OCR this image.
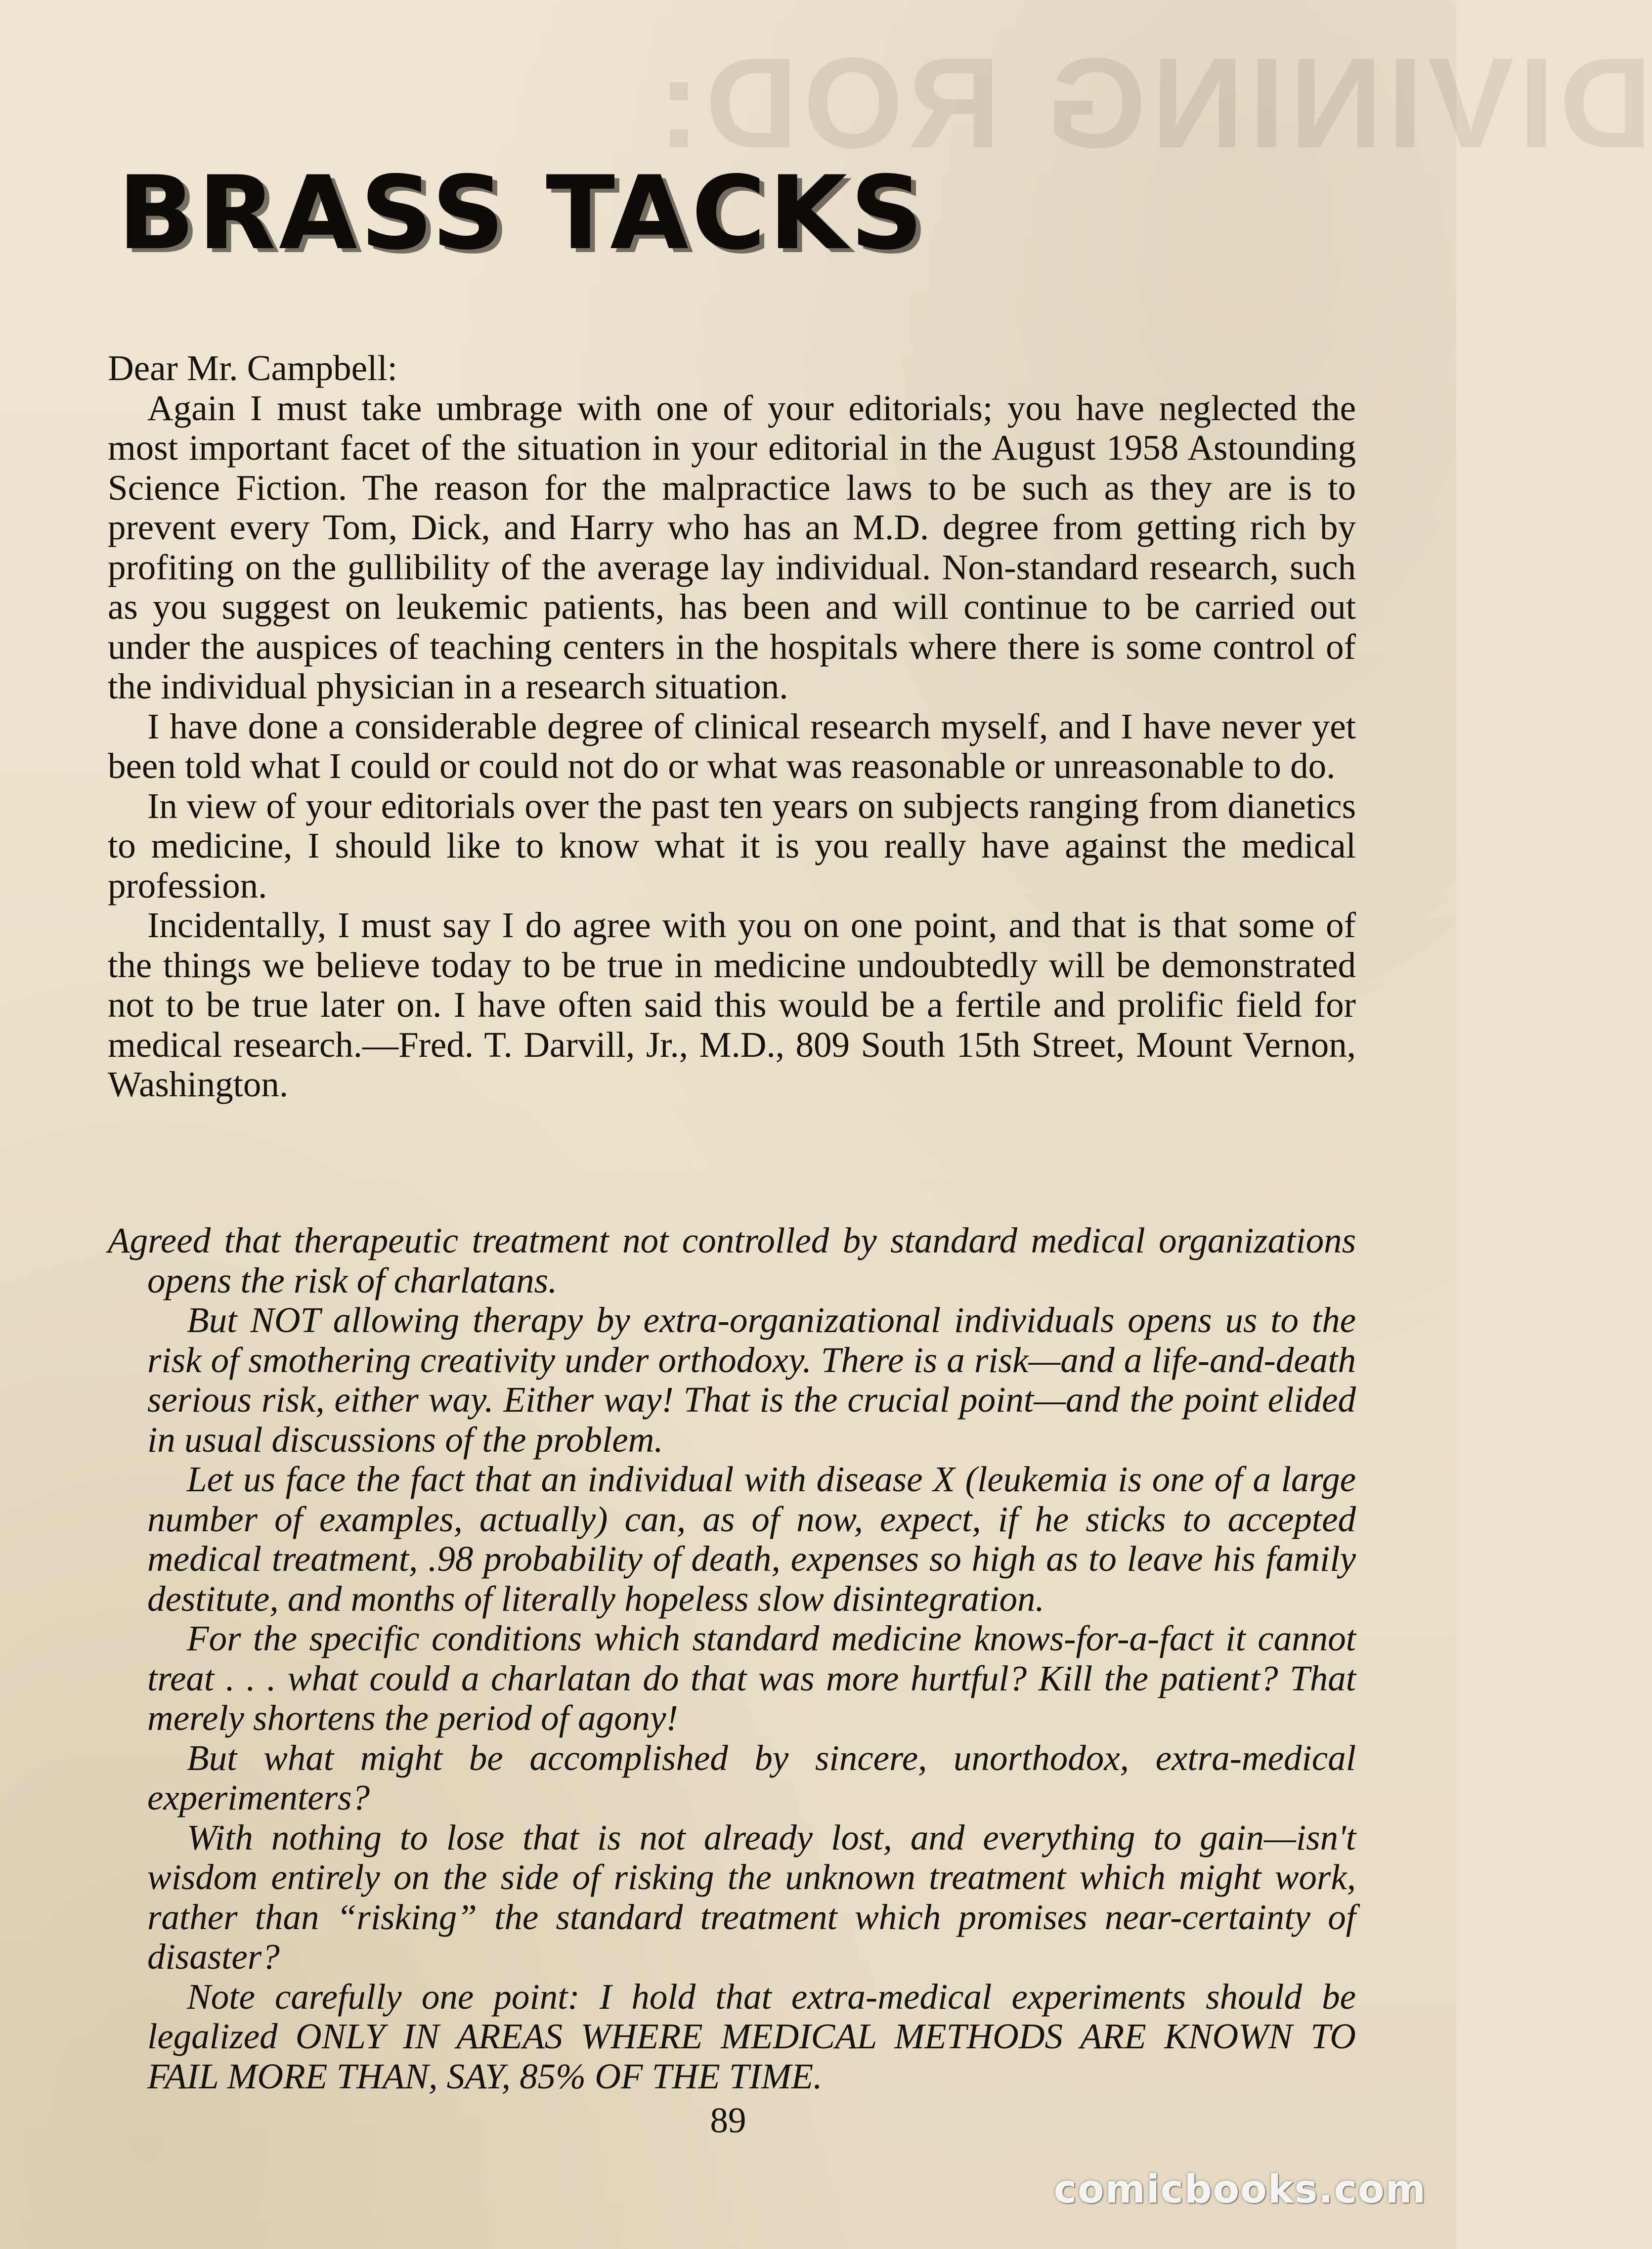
DIVINING ROD:
BRASS TACKS

Dear Mr. Campbell:

Again I must take umbrage with one of your editorials; you have neglected the most important facet of the situation in your editorial in the August 1958 Astounding Science Fiction. The reason for the malpractice laws to be such as they are is to prevent every Tom, Dick, and Harry who has an M.D. degree from getting rich by profiting on the gullibility of the average lay individual. Non-standard research, such as you suggest on leukemic patients, has been and will continue to be carried out under the auspices of teaching centers in the hospitals where there is some control of the individual physician in a research situation.

I have done a considerable degree of clinical research myself, and I have never yet been told what I could or could not do or what was reasonable or unreasonable to do.

In view of your editorials over the past ten years on subjects ranging from dianetics to medicine, I should like to know what it is you really have against the medical profession.

Incidentally, I must say I do agree with you on one point, and that is that some of the things we believe today to be true in medicine undoubtedly will be demonstrated not to be true later on. I have often said this would be a fertile and prolific field for medical research.—Fred. T. Darvill, Jr., M.D., 809 South 15th Street, Mount Vernon, Washington.

Agreed that therapeutic treatment not controlled by standard medical organizations opens the risk of charlatans.

But NOT allowing therapy by extra-organizational individuals opens us to the risk of smothering creativity under orthodoxy. There is a risk—and a life-and-death serious risk, either way. Either way! That is the crucial point—and the point elided in usual discussions of the problem.

Let us face the fact that an individual with disease X (leukemia is one of a large number of examples, actually) can, as of now, expect, if he sticks to accepted medical treatment, .98 probability of death, expenses so high as to leave his family destitute, and months of literally hopeless slow disintegration.

For the specific conditions which standard medicine knows-for-a-fact it cannot treat . . . what could a charlatan do that was more hurtful? Kill the patient? That merely shortens the period of agony!

But what might be accomplished by sincere, unorthodox, extra-medical experimenters?

With nothing to lose that is not already lost, and everything to gain—isn't wisdom entirely on the side of risking the unknown treatment which might work, rather than “risking” the standard treatment which promises near-certainty of disaster?

Note carefully one point: I hold that extra-medical experiments should be legalized ONLY IN AREAS WHERE MEDICAL METHODS ARE KNOWN TO FAIL MORE THAN, SAY, 85% OF THE TIME.

89
comicbooks.com
